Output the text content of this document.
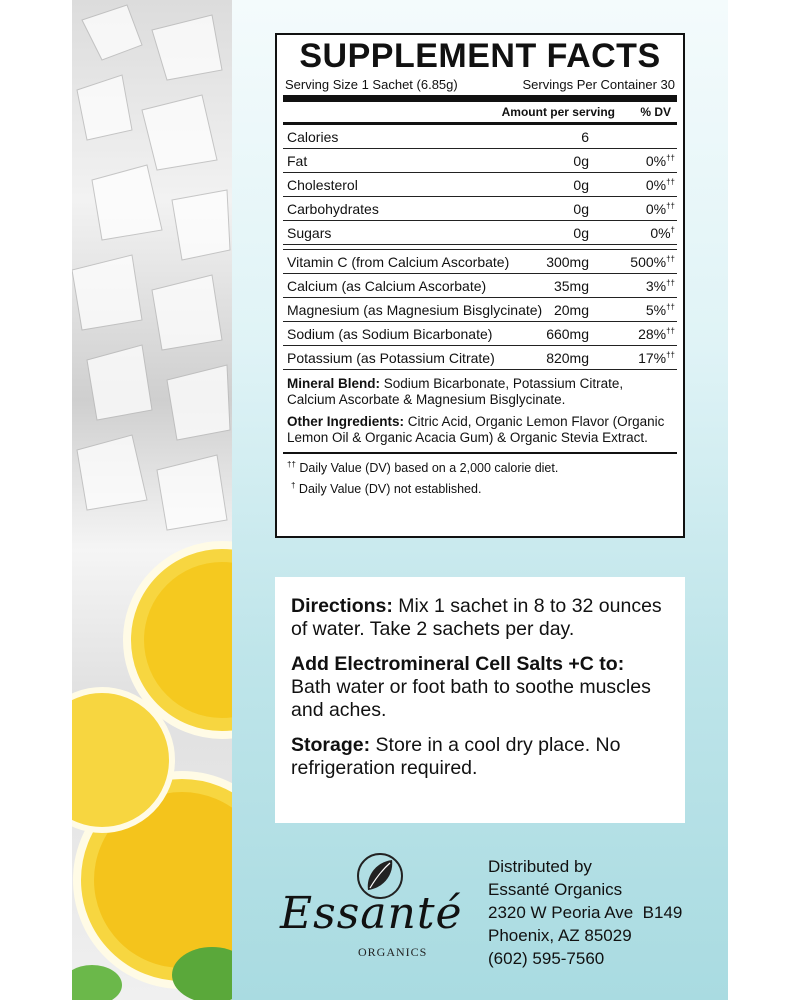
SUPPLEMENT FACTS
Serving Size 1 Sachet (6.85g)	Servings Per Container 30
Amount per serving % DV
Calories	6
Fat	0g	0%††
Cholesterol	0g	0%††
Carbohydrates	0g	0%††
Sugars	0g	0%†
Vitamin C (from Calcium Ascorbate)	300mg	500%††
Calcium (as Calcium Ascorbate)	35mg	3%††
Magnesium (as Magnesium Bisglycinate) 20mg	5%††
Sodium (as Sodium Bicarbonate)	660mg	28%††
Potassium (as Potassium Citrate)	820mg	17%††
Mineral Blend: Sodium Bicarbonate, Potassium Citrate, Calcium Ascorbate & Magnesium Bisglycinate.
Other Ingredients: Citric Acid, Organic Lemon Flavor (Organic Lemon Oil & Organic Acacia Gum) & Organic Stevia Extract.
†† Daily Value (DV) based on a 2,000 calorie diet.
† Daily Value (DV) not established.

Directions: Mix 1 sachet in 8 to 32 ounces of water. Take 2 sachets per day.

Add Electromineral Cell Salts +C to:
Bath water or foot bath to soothe muscles and aches.

Storage: Store in a cool dry place. No refrigeration required.

Essanté
ORGANICS
Distributed by
Essanté Organics
2320 W Peoria Ave  B149
Phoenix, AZ 85029
(602) 595-7560
